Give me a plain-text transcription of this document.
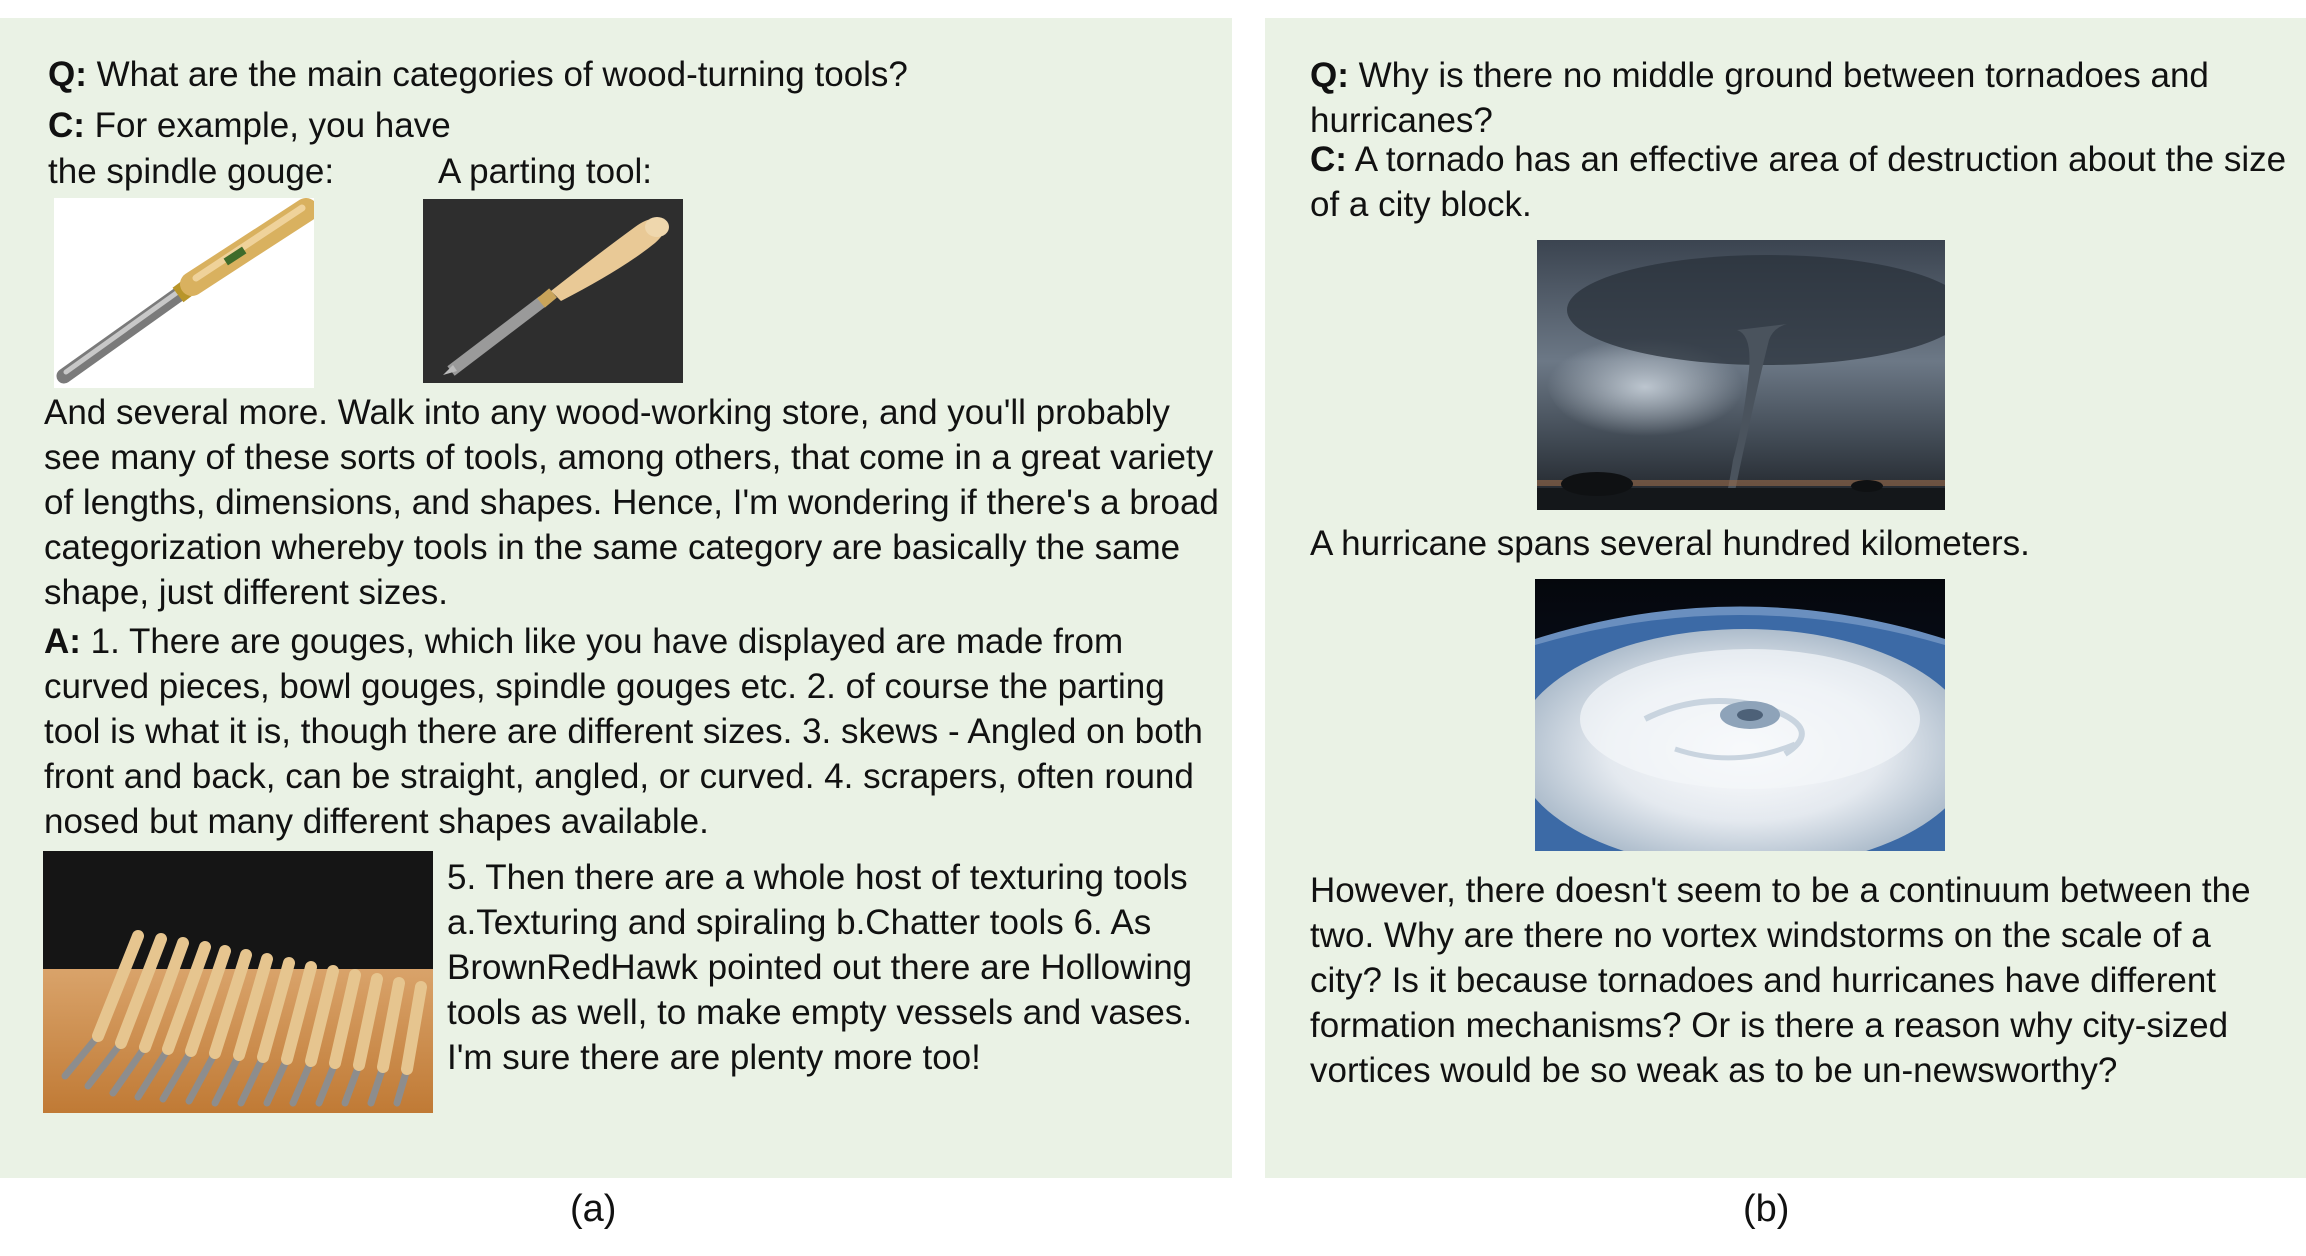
Q: What are the main categories of wood-turning tools?
C: For example, you have
the spindle gouge:	A parting tool:
And several more. Walk into any wood-working store, and you'll probably see many of these sorts of tools, among others, that come in a great variety of lengths, dimensions, and shapes. Hence, I'm wondering if there's a broad categorization whereby tools in the same category are basically the same shape, just different sizes.
A: 1. There are gouges, which like you have displayed are made from curved pieces, bowl gouges, spindle gouges etc. 2. of course the parting tool is what it is, though there are different sizes. 3. skews - Angled on both front and back, can be straight, angled, or curved. 4. scrapers, often round nosed but many different shapes available.
5. Then there are a whole host of texturing tools a.Texturing and spiraling b.Chatter tools 6. As BrownRedHawk pointed out there are Hollowing tools as well, to make empty vessels and vases. I'm sure there are plenty more too!
(a)
Q: Why is there no middle ground between tornadoes and hurricanes?
C: A tornado has an effective area of destruction about the size of a city block.
A hurricane spans several hundred kilometers.
However, there doesn't seem to be a continuum between the two. Why are there no vortex windstorms on the scale of a city? Is it because tornadoes and hurricanes have different formation mechanisms? Or is there a reason why city-sized vortices would be so weak as to be un-newsworthy?
(b)
